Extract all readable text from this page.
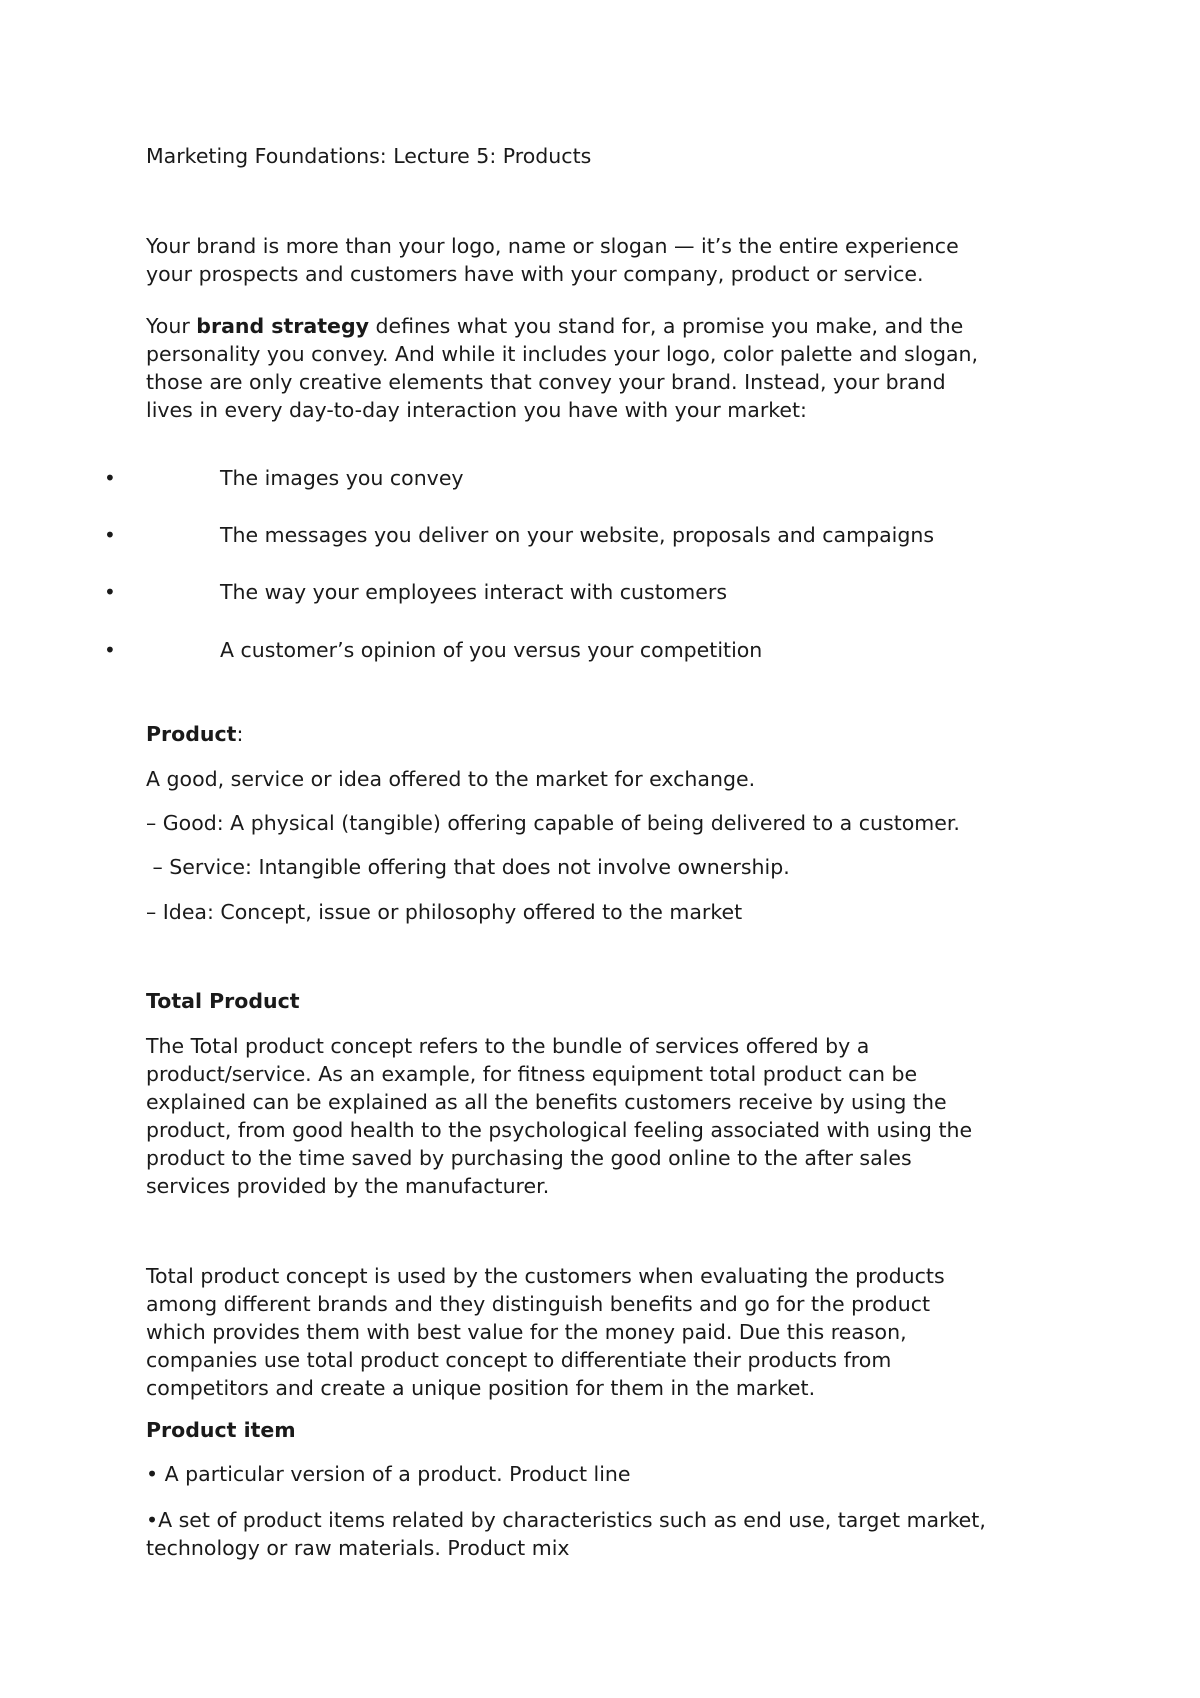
Marketing Foundations: Lecture 5: Products
Your brand is more than your logo, name or slogan — it’s the entire experience
your prospects and customers have with your company, product or service.
Your brand strategy defines what you stand for, a promise you make, and the
personality you convey. And while it includes your logo, color palette and slogan,
those are only creative elements that convey your brand. Instead, your brand
lives in every day-to-day interaction you have with your market:
•	The images you convey
•	The messages you deliver on your website, proposals and campaigns
•	The way your employees interact with customers
•	A customer’s opinion of you versus your competition
Product:
A good, service or idea offered to the market for exchange.
– Good: A physical (tangible) offering capable of being delivered to a customer.
– Service: Intangible offering that does not involve ownership.
– Idea: Concept, issue or philosophy offered to the market
Total Product
The Total product concept refers to the bundle of services offered by a
product/service. As an example, for fitness equipment total product can be
explained can be explained as all the benefits customers receive by using the
product, from good health to the psychological feeling associated with using the
product to the time saved by purchasing the good online to the after sales
services provided by the manufacturer.
Total product concept is used by the customers when evaluating the products
among different brands and they distinguish benefits and go for the product
which provides them with best value for the money paid. Due this reason,
companies use total product concept to differentiate their products from
competitors and create a unique position for them in the market.
Product item
• A particular version of a product. Product line
•A set of product items related by characteristics such as end use, target market,
technology or raw materials. Product mix
